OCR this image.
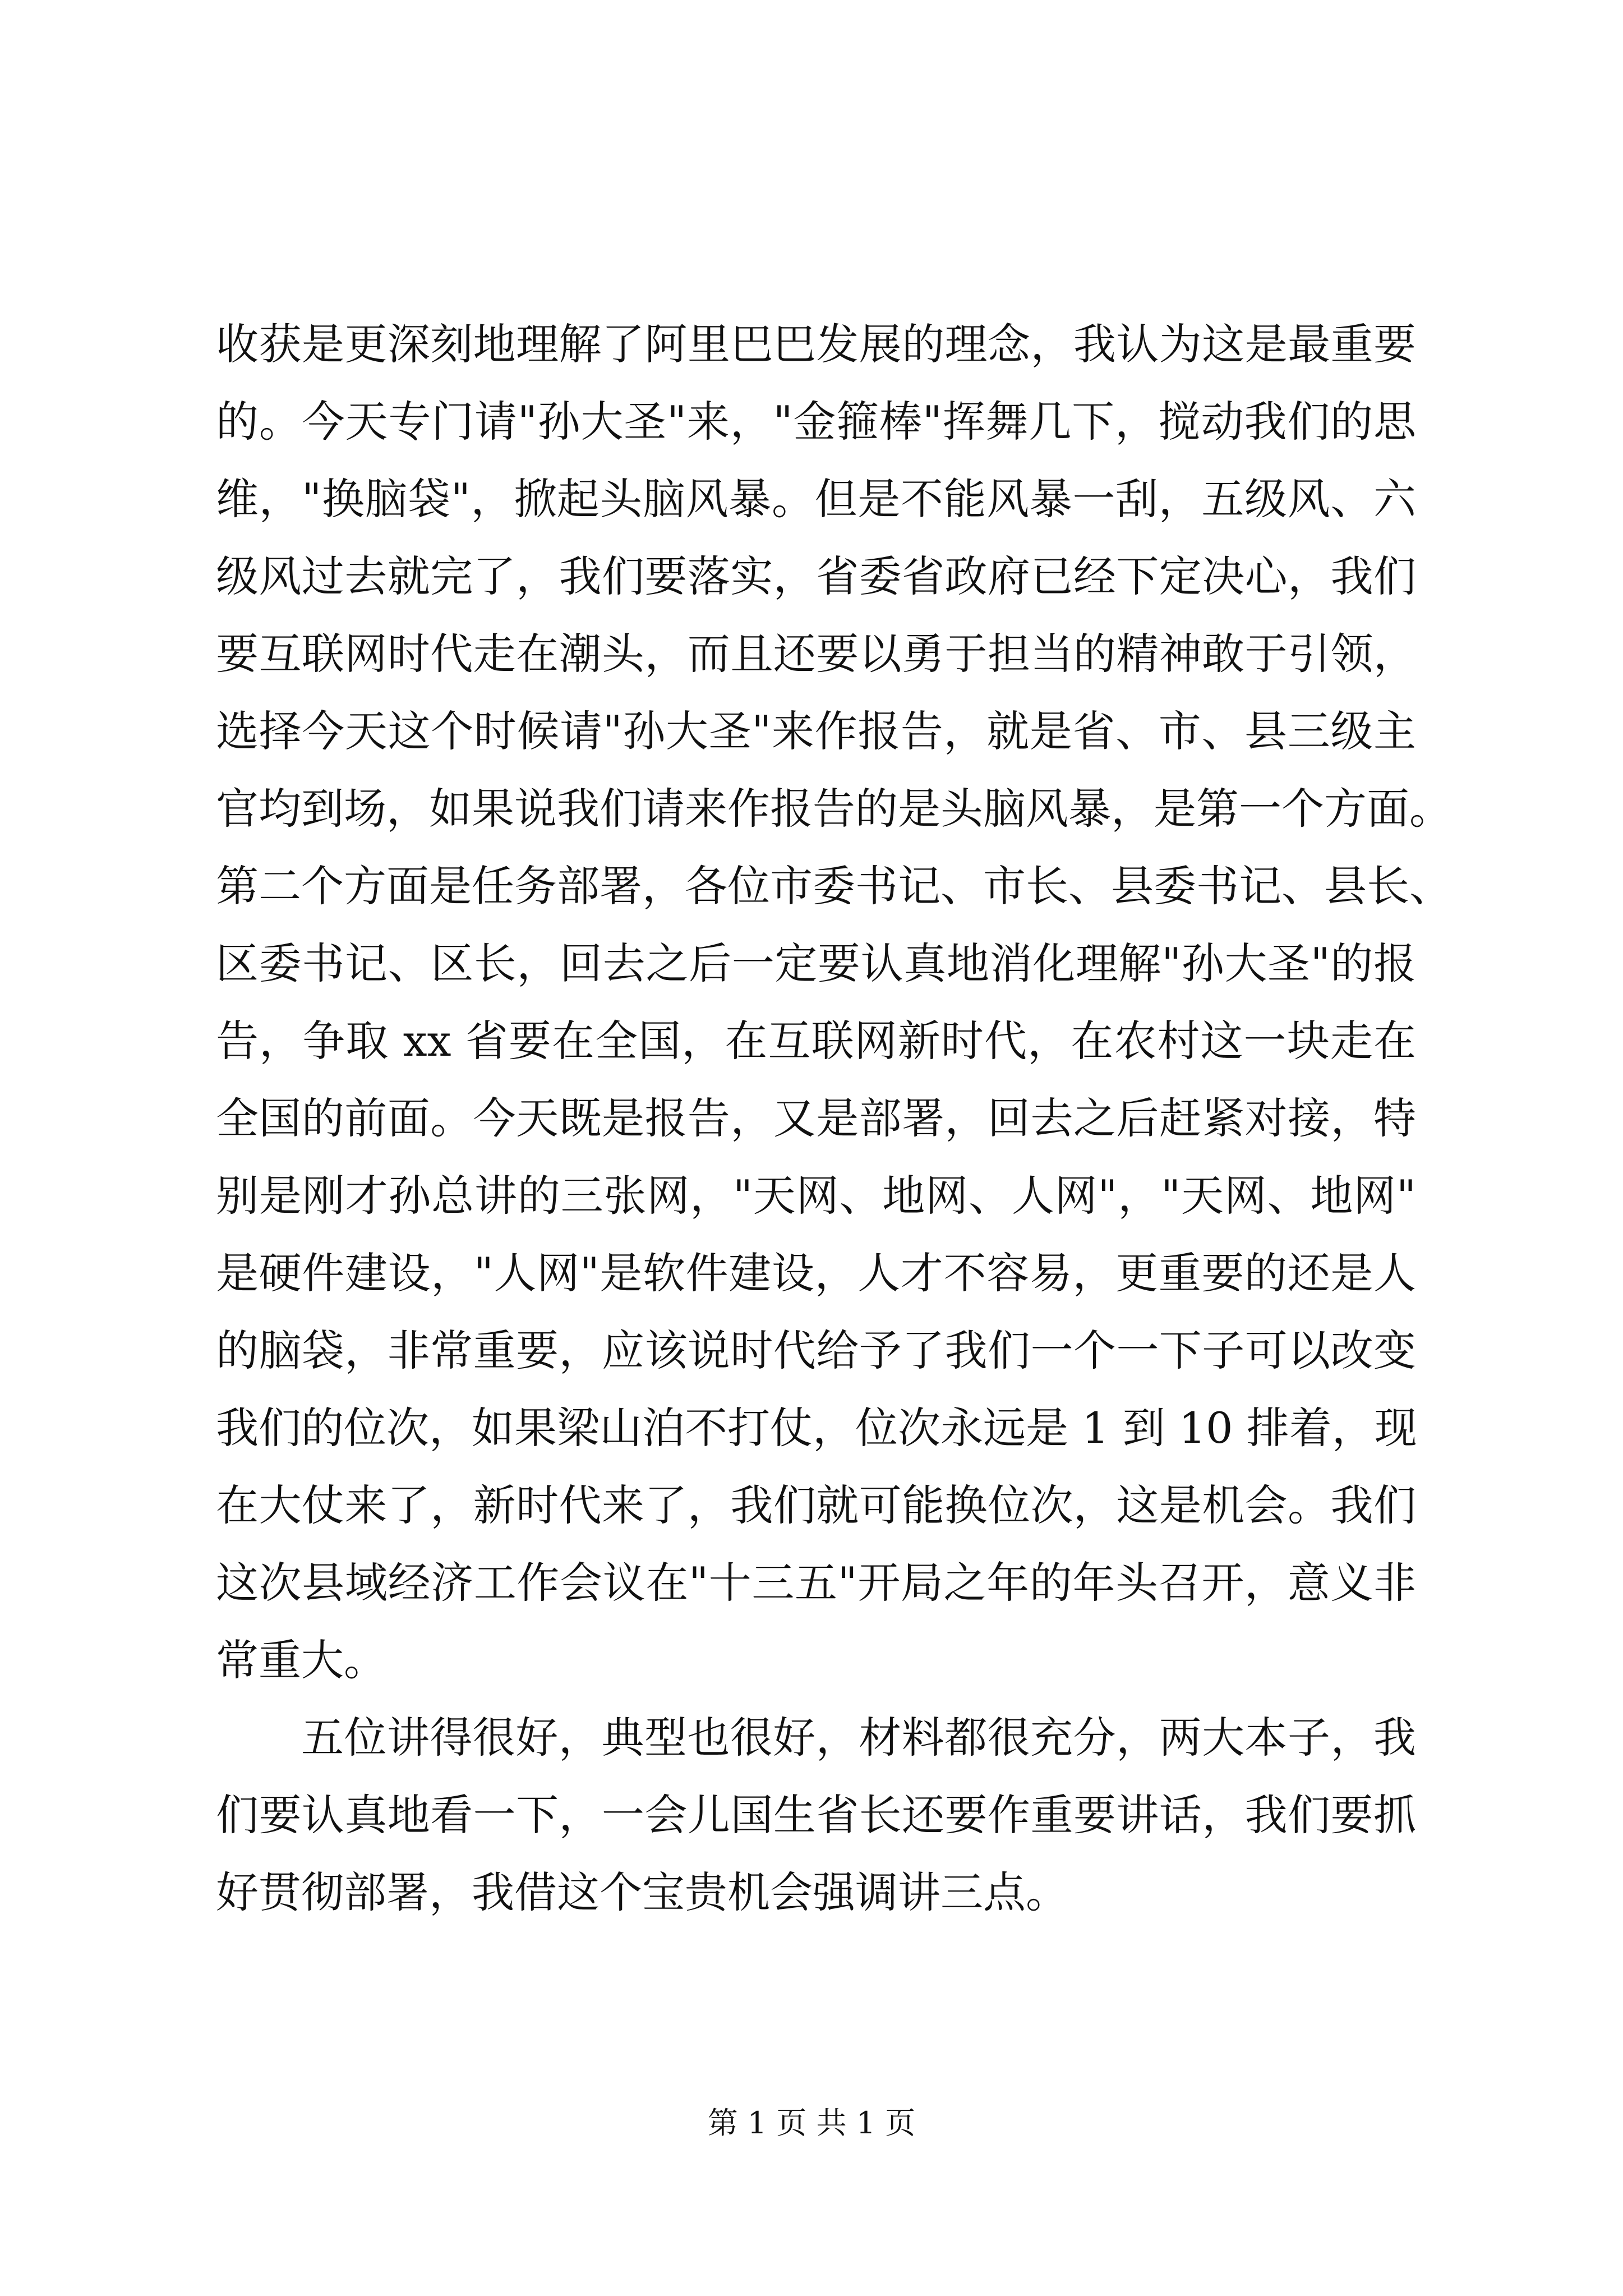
收获是更深刻地理解了阿里巴巴发展的理念，我认为这是最重要
的。今天专门请"孙大圣"来，"金箍棒"挥舞几下，搅动我们的思
维，"换脑袋"，掀起头脑风暴。但是不能风暴一刮，五级风、六
级风过去就完了，我们要落实，省委省政府已经下定决心，我们
要互联网时代走在潮头，而且还要以勇于担当的精神敢于引领，
选择今天这个时候请"孙大圣"来作报告，就是省、市、县三级主
官均到场，如果说我们请来作报告的是头脑风暴，是第一个方面。
第二个方面是任务部署，各位市委书记、市长、县委书记、县长、
区委书记、区长，回去之后一定要认真地消化理解"孙大圣"的报
告，争取 xx 省要在全国，在互联网新时代，在农村这一块走在
全国的前面。今天既是报告，又是部署，回去之后赶紧对接，特
别是刚才孙总讲的三张网，"天网、地网、人网"，"天网、地网"
是硬件建设，"人网"是软件建设，人才不容易，更重要的还是人
的脑袋，非常重要，应该说时代给予了我们一个一下子可以改变
我们的位次，如果梁山泊不打仗，位次永远是 1 到 10 排着，现
在大仗来了，新时代来了，我们就可能换位次，这是机会。我们
这次县域经济工作会议在"十三五"开局之年的年头召开，意义非
常重大。
五位讲得很好，典型也很好，材料都很充分，两大本子，我
们要认真地看一下，一会儿国生省长还要作重要讲话，我们要抓
好贯彻部署，我借这个宝贵机会强调讲三点。
第 1 页 共 1 页
